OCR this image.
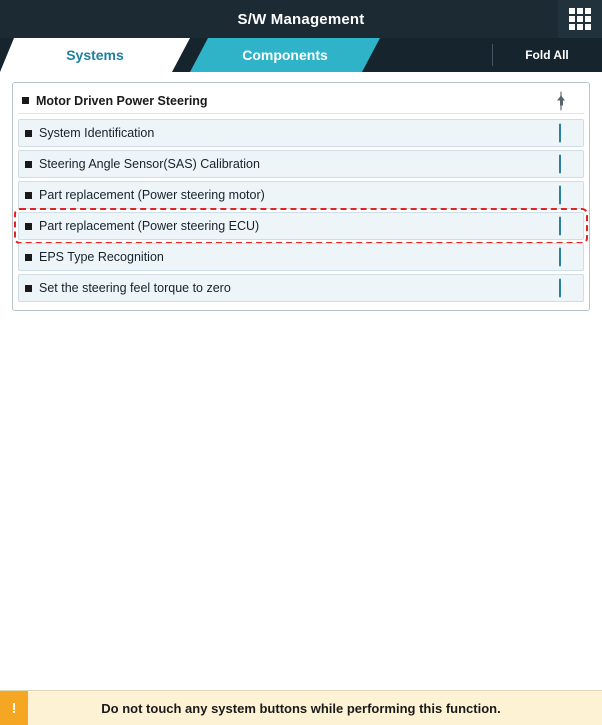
S/W Management
Systems	Components	Fold All
Motor Driven Power Steering
System Identification
Steering Angle Sensor(SAS) Calibration
Part replacement (Power steering motor)
Part replacement (Power steering ECU)
EPS Type Recognition
Set the steering feel torque to zero
!	Do not touch any system buttons while performing this function.
